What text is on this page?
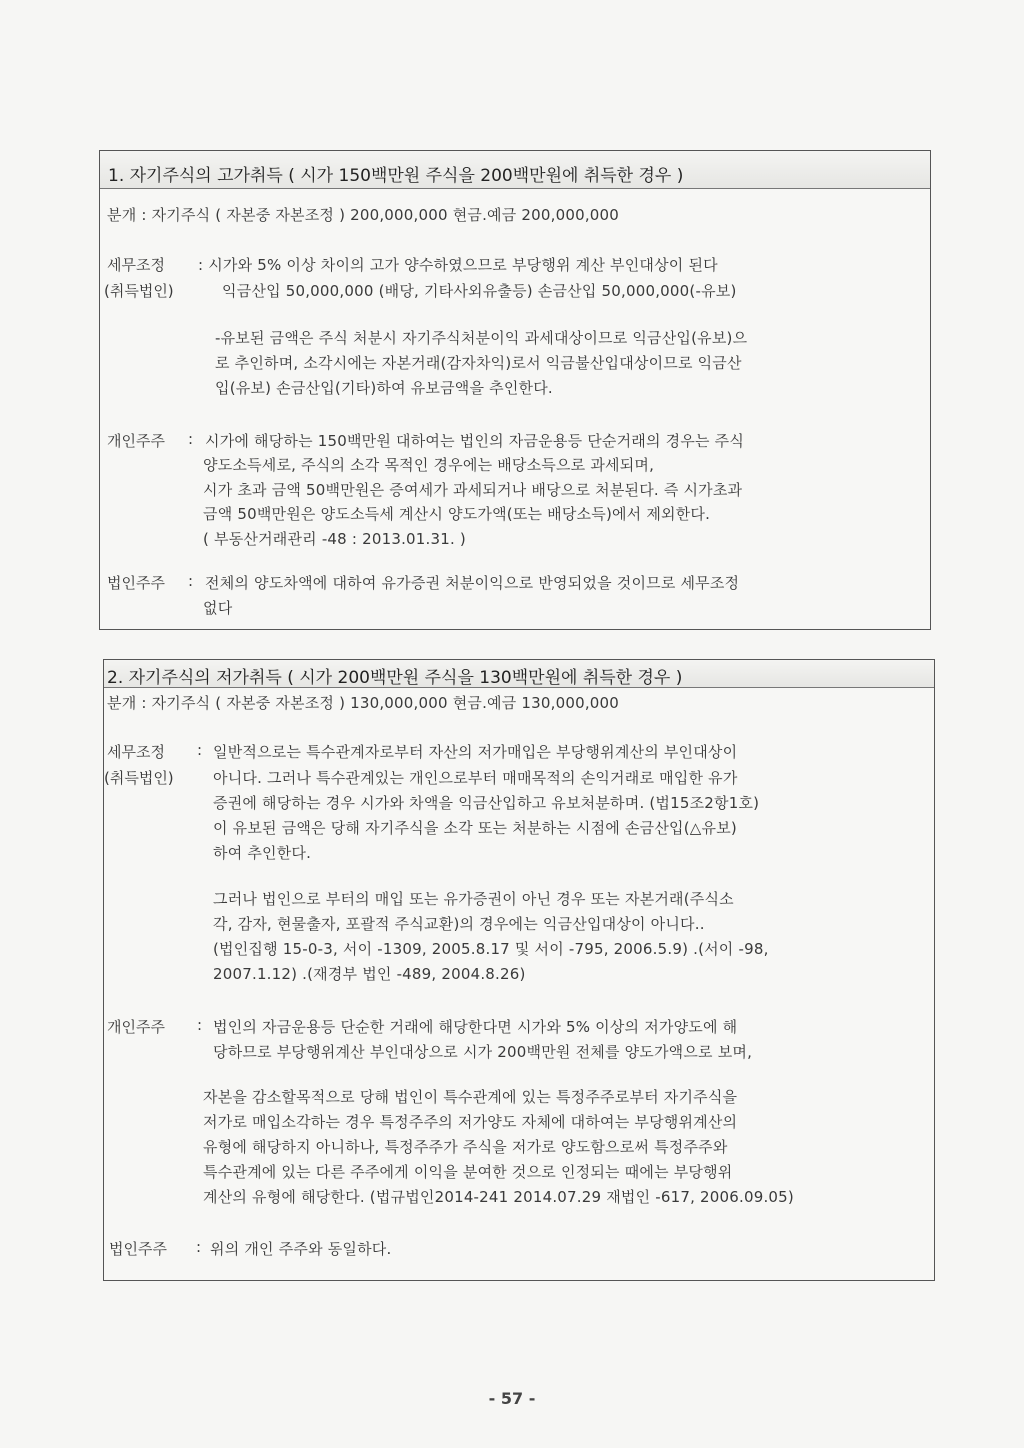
1. 자기주식의 고가취득 ( 시가 150백만원 주식을 200백만원에 취득한 경우 )
분개 : 자기주식 ( 자본중 자본조정 ) 200,000,000 현금.예금 200,000,000
세무조정
(취득법인)
: 시가와 5% 이상 차이의 고가 양수하였으므로 부당행위 계산 부인대상이 된다
익금산입 50,000,000 (배당, 기타사외유출등) 손금산입 50,000,000(-유보)
-유보된 금액은 주식 처분시 자기주식처분이익 과세대상이므로 익금산입(유보)으
로 추인하며, 소각시에는 자본거래(감자차익)로서 익금불산입대상이므로 익금산
입(유보) 손금산입(기타)하여 유보금액을 추인한다.
개인주주 : 시가에 해당하는 150백만원 대하여는 법인의 자금운용등 단순거래의 경우는 주식
양도소득세로, 주식의 소각 목적인 경우에는 배당소득으로 과세되며,
시가 초과 금액 50백만원은 증여세가 과세되거나 배당으로 처분된다. 즉 시가초과
금액 50백만원은 양도소득세 계산시 양도가액(또는 배당소득)에서 제외한다.
( 부동산거래관리 -48 : 2013.01.31. )
법인주주 : 전체의 양도차액에 대하여 유가증권 처분이익으로 반영되었을 것이므로 세무조정
없다
2. 자기주식의 저가취득 ( 시가 200백만원 주식을 130백만원에 취득한 경우 )
분개 : 자기주식 ( 자본중 자본조정 ) 130,000,000 현금.예금 130,000,000
세무조정 :
(취득법인)
일반적으로는 특수관계자로부터 자산의 저가매입은 부당행위계산의 부인대상이
아니다. 그러나 특수관계있는 개인으로부터 매매목적의 손익거래로 매입한 유가
증권에 해당하는 경우 시가와 차액을 익금산입하고 유보처분하며. (법15조2항1호)
이 유보된 금액은 당해 자기주식을 소각 또는 처분하는 시점에 손금산입(△유보)
하여 추인한다.
그러나 법인으로 부터의 매입 또는 유가증권이 아닌 경우 또는 자본거래(주식소
각, 감자, 현물출자, 포괄적 주식교환)의 경우에는 익금산입대상이 아니다..
(법인집행 15-0-3, 서이 -1309, 2005.8.17 및 서이 -795, 2006.5.9) .(서이 -98,
2007.1.12) .(재경부 법인 -489, 2004.8.26)
개인주주 : 법인의 자금운용등 단순한 거래에 해당한다면 시가와 5% 이상의 저가양도에 해
당하므로 부당행위계산 부인대상으로 시가 200백만원 전체를 양도가액으로 보며,
자본을 감소할목적으로 당해 법인이 특수관계에 있는 특정주주로부터 자기주식을
저가로 매입소각하는 경우 특정주주의 저가양도 자체에 대하여는 부당행위계산의
유형에 해당하지 아니하나, 특정주주가 주식을 저가로 양도함으로써 특정주주와
특수관계에 있는 다른 주주에게 이익을 분여한 것으로 인정되는 때에는 부당행위
계산의 유형에 해당한다. (법규법인2014-241 2014.07.29 재법인 -617, 2006.09.05)
법인주주 : 위의 개인 주주와 동일하다.
- 57 -
